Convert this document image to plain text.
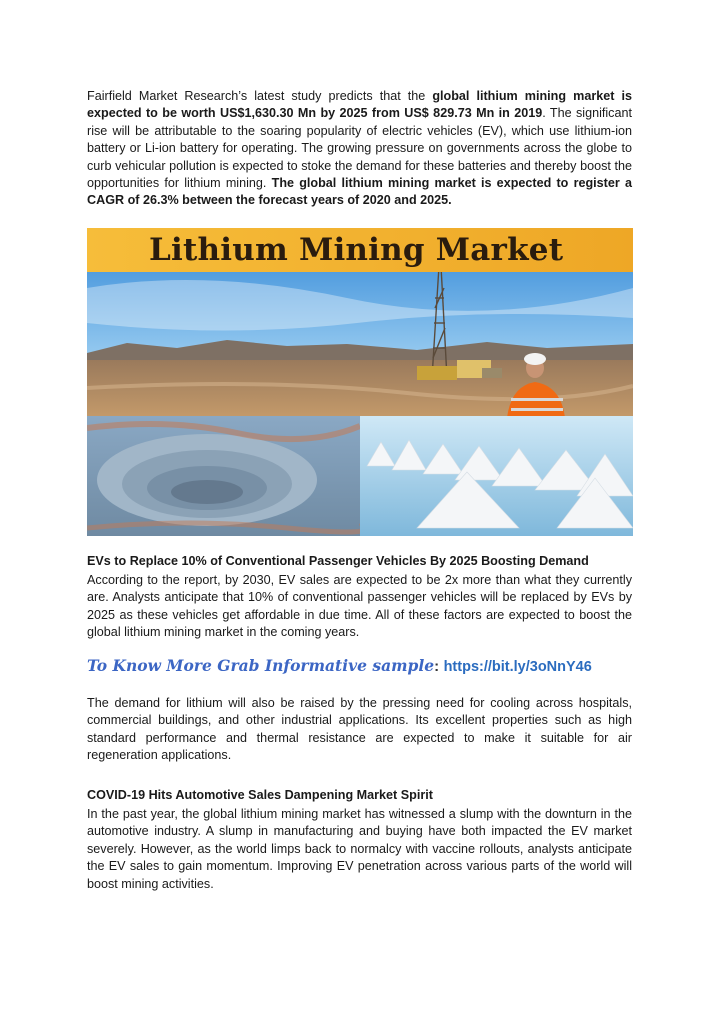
Fairfield Market Research’s latest study predicts that the global lithium mining market is expected to be worth US$1,630.30 Mn by 2025 from US$ 829.73 Mn in 2019. The significant rise will be attributable to the soaring popularity of electric vehicles (EV), which use lithium-ion battery or Li-ion battery for operating. The growing pressure on governments across the globe to curb vehicular pollution is expected to stoke the demand for these batteries and thereby boost the opportunities for lithium mining. The global lithium mining market is expected to register a CAGR of 26.3% between the forecast years of 2020 and 2025.

Lithium Mining Market
EVs to Replace 10% of Conventional Passenger Vehicles By 2025 Boosting Demand

According to the report, by 2030, EV sales are expected to be 2x more than what they currently are. Analysts anticipate that 10% of conventional passenger vehicles will be replaced by EVs by 2025 as these vehicles get affordable in due time. All of these factors are expected to boost the global lithium mining market in the coming years.

To Know More Grab Informative sample: https://bit.ly/3oNnY46

The demand for lithium will also be raised by the pressing need for cooling across hospitals, commercial buildings, and other industrial applications. Its excellent properties such as high standard performance and thermal resistance are expected to make it suitable for air regeneration applications.

COVID-19 Hits Automotive Sales Dampening Market Spirit

In the past year, the global lithium mining market has witnessed a slump with the downturn in the automotive industry. A slump in manufacturing and buying have both impacted the EV market severely. However, as the world limps back to normalcy with vaccine rollouts, analysts anticipate the EV sales to gain momentum. Improving EV penetration across various parts of the world will boost mining activities.
